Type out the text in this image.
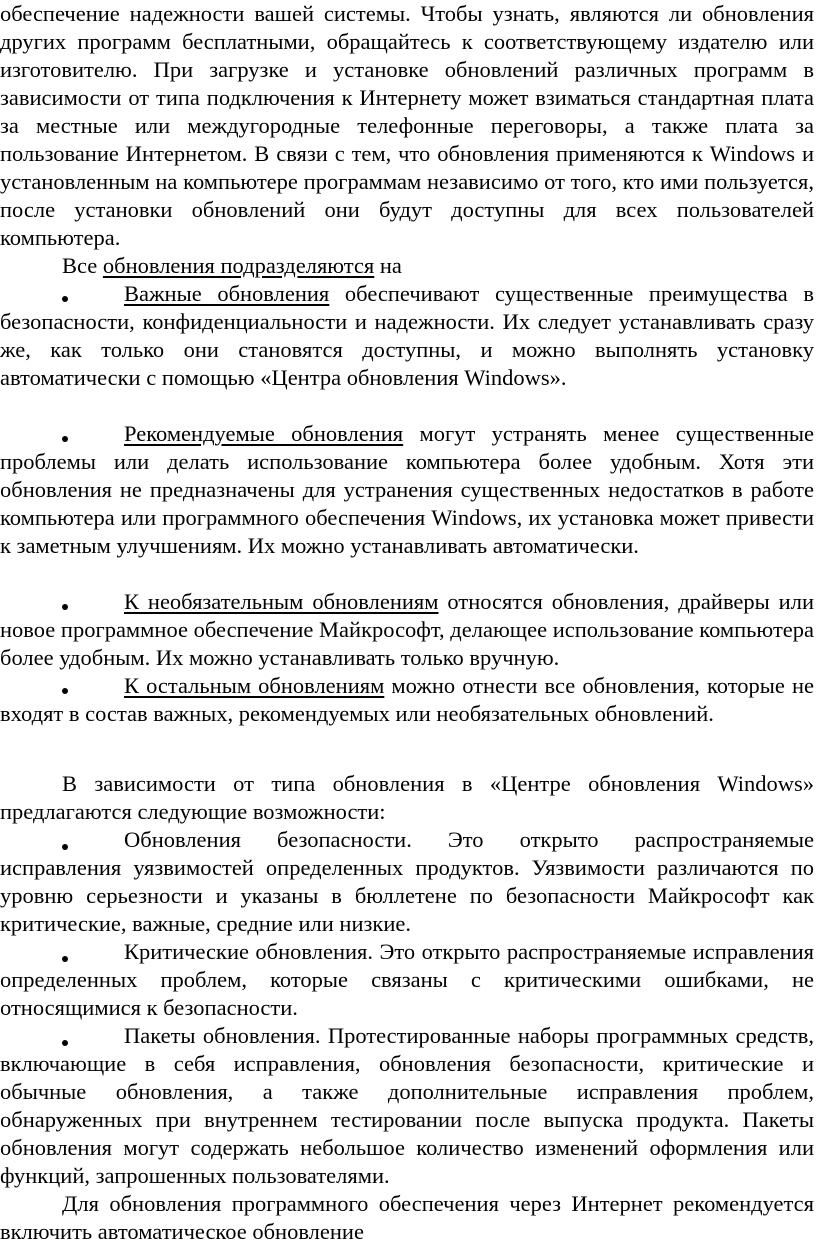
обеспечение надежности вашей системы. Чтобы узнать, являются ли обновления других программ бесплатными, обращайтесь к соответствующему издателю или изготовителю. При загрузке и установке обновлений различных программ в зависимости от типа подключения к Интернету может взиматься стандартная плата за местные или междугородные телефонные переговоры, а также плата за пользование Интернетом. В связи с тем, что обновления применяются к Windows и установленным на компьютере программам независимо от того, кто ими пользуется, после установки обновлений они будут доступны для всех пользователей компьютера.

Все обновления подразделяются на

Важные обновления обеспечивают существенные преимущества в безопасности, конфиденциальности и надежности. Их следует устанавливать сразу же, как только они становятся доступны, и можно выполнять установку автоматически с помощью «Центра обновления Windows».

Рекомендуемые обновления могут устранять менее существенные проблемы или делать использование компьютера более удобным. Хотя эти обновления не предназначены для устранения существенных недостатков в работе компьютера или программного обеспечения Windows, их установка может привести к заметным улучшениям. Их можно устанавливать автоматически.

К необязательным обновлениям относятся обновления, драйверы или новое программное обеспечение Майкрософт, делающее использование компьютера более удобным. Их можно устанавливать только вручную.

К остальным обновлениям можно отнести все обновления, которые не входят в состав важных, рекомендуемых или необязательных обновлений.

В зависимости от типа обновления в «Центре обновления Windows» предлагаются следующие возможности:

Обновления безопасности. Это открыто распространяемые исправления уязвимостей определенных продуктов. Уязвимости различаются по уровню серьезности и указаны в бюллетене по безопасности Майкрософт как критические, важные, средние или низкие.

Критические обновления. Это открыто распространяемые исправления определенных проблем, которые связаны с критическими ошибками, не относящимися к безопасности.

Пакеты обновления. Протестированные наборы программных средств, включающие в себя исправления, обновления безопасности, критические и обычные обновления, а также дополнительные исправления проблем, обнаруженных при внутреннем тестировании после выпуска продукта. Пакеты обновления могут содержать небольшое количество изменений оформления или функций, запрошенных пользователями.

Для обновления программного обеспечения через Интернет рекомендуется включить автоматическое обновление
